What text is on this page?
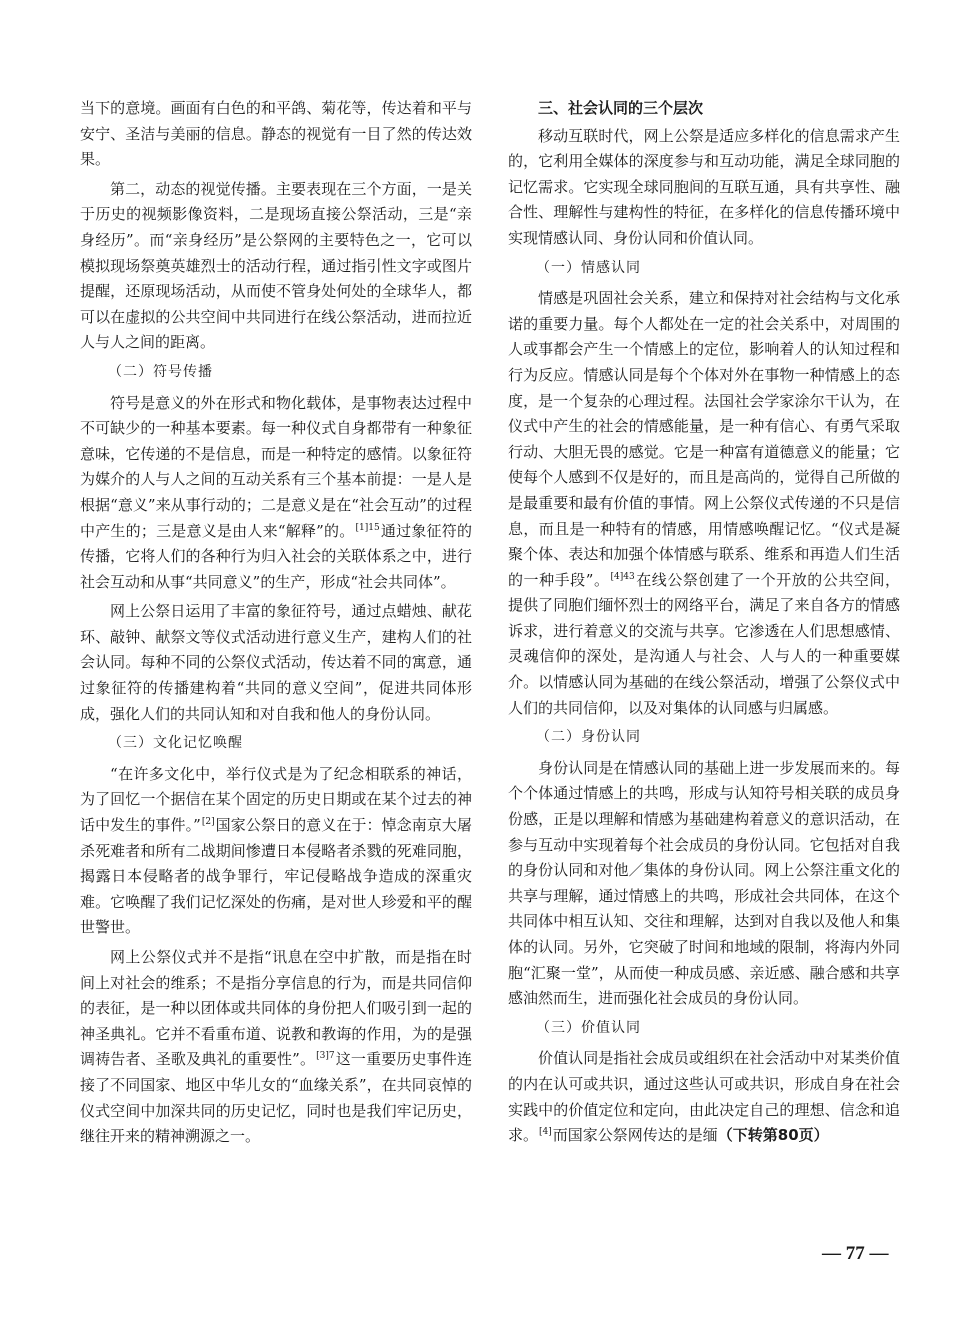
当下的意境。画面有白色的和平鸽、菊花等，传达着和平与安宁、圣洁与美丽的信息。静态的视觉有一目了然的传达效果。

第二，动态的视觉传播。主要表现在三个方面，一是关于历史的视频影像资料，二是现场直接公祭活动，三是“亲身经历”。而“亲身经历”是公祭网的主要特色之一，它可以模拟现场祭奠英雄烈士的活动行程，通过指引性文字或图片提醒，还原现场活动，从而使不管身处何处的全球华人，都可以在虚拟的公共空间中共同进行在线公祭活动，进而拉近人与人之间的距离。

（二）符号传播

符号是意义的外在形式和物化载体，是事物表达过程中不可缺少的一种基本要素。每一种仪式自身都带有一种象征意味，它传递的不是信息，而是一种特定的感情。以象征符为媒介的人与人之间的互动关系有三个基本前提：一是人是根据“意义”来从事行动的；二是意义是在“社会互动”的过程中产生的；三是意义是由人来“解释”的。$^{[1]15}$通过象征符的传播，它将人们的各种行为归入社会的关联体系之中，进行社会互动和从事“共同意义”的生产，形成“社会共同体”。

网上公祭日运用了丰富的象征符号，通过点蜡烛、献花环、敲钟、献祭文等仪式活动进行意义生产，建构人们的社会认同。每种不同的公祭仪式活动，传达着不同的寓意，通过象征符的传播建构着“共同的意义空间”，促进共同体形成，强化人们的共同认知和对自我和他人的身份认同。

（三）文化记忆唤醒

“在许多文化中，举行仪式是为了纪念相联系的神话，为了回忆一个据信在某个固定的历史日期或在某个过去的神话中发生的事件。”[2]国家公祭日的意义在于：悼念南京大屠杀死难者和所有二战期间惨遭日本侵略者杀戮的死难同胞，揭露日本侵略者的战争罪行，牢记侵略战争造成的深重灾难。它唤醒了我们记忆深处的伤痛，是对世人珍爱和平的醒世警世。

网上公祭仪式并不是指“讯息在空中扩散，而是指在时间上对社会的维系；不是指分享信息的行为，而是共同信仰的表征，是一种以团体或共同体的身份把人们吸引到一起的神圣典礼。它并不看重布道、说教和教诲的作用，为的是强调祷告者、圣歌及典礼的重要性”。$^{[3]7}$这一重要历史事件连接了不同国家、地区中华儿女的“血缘关系”，在共同哀悼的仪式空间中加深共同的历史记忆，同时也是我们牢记历史，继往开来的精神溯源之一。

三、社会认同的三个层次

移动互联时代，网上公祭是适应多样化的信息需求产生的，它利用全媒体的深度参与和互动功能，满足全球同胞的记忆需求。它实现全球同胞间的互联互通，具有共享性、融合性、理解性与建构性的特征，在多样化的信息传播环境中实现情感认同、身份认同和价值认同。

（一）情感认同

情感是巩固社会关系，建立和保持对社会结构与文化承诺的重要力量。每个人都处在一定的社会关系中，对周围的人或事都会产生一个情感上的定位，影响着人的认知过程和行为反应。情感认同是每个个体对外在事物一种情感上的态度，是一个复杂的心理过程。法国社会学家涂尔干认为，在仪式中产生的社会的情感能量，是一种有信心、有勇气采取行动、大胆无畏的感觉。它是一种富有道德意义的能量；它使每个人感到不仅是好的，而且是高尚的，觉得自己所做的是最重要和最有价值的事情。网上公祭仪式传递的不只是信息，而且是一种特有的情感，用情感唤醒记忆。“仪式是凝聚个体、表达和加强个体情感与联系、维系和再造人们生活的一种手段”。$^{[4]43}$在线公祭创建了一个开放的公共空间，提供了同胞们缅怀烈士的网络平台，满足了来自各方的情感诉求，进行着意义的交流与共享。它渗透在人们思想感情、灵魂信仰的深处，是沟通人与社会、人与人的一种重要媒介。以情感认同为基础的在线公祭活动，增强了公祭仪式中人们的共同信仰，以及对集体的认同感与归属感。

（二）身份认同

身份认同是在情感认同的基础上进一步发展而来的。每个个体通过情感上的共鸣，形成与认知符号相关联的成员身份感，正是以理解和情感为基础建构着意义的意识活动，在参与互动中实现着每个社会成员的身份认同。它包括对自我的身份认同和对他／集体的身份认同。网上公祭注重文化的共享与理解，通过情感上的共鸣，形成社会共同体，在这个共同体中相互认知、交往和理解，达到对自我以及他人和集体的认同。另外，它突破了时间和地域的限制，将海内外同胞“汇聚一堂”，从而使一种成员感、亲近感、融合感和共享感油然而生，进而强化社会成员的身份认同。

（三）价值认同

价值认同是指社会成员或组织在社会活动中对某类价值的内在认可或共识，通过这些认可或共识，形成自身在社会实践中的价值定位和定向，由此决定自己的理想、信念和追求。[4]而国家公祭网传达的是缅（下转第80页）

— 77 —
